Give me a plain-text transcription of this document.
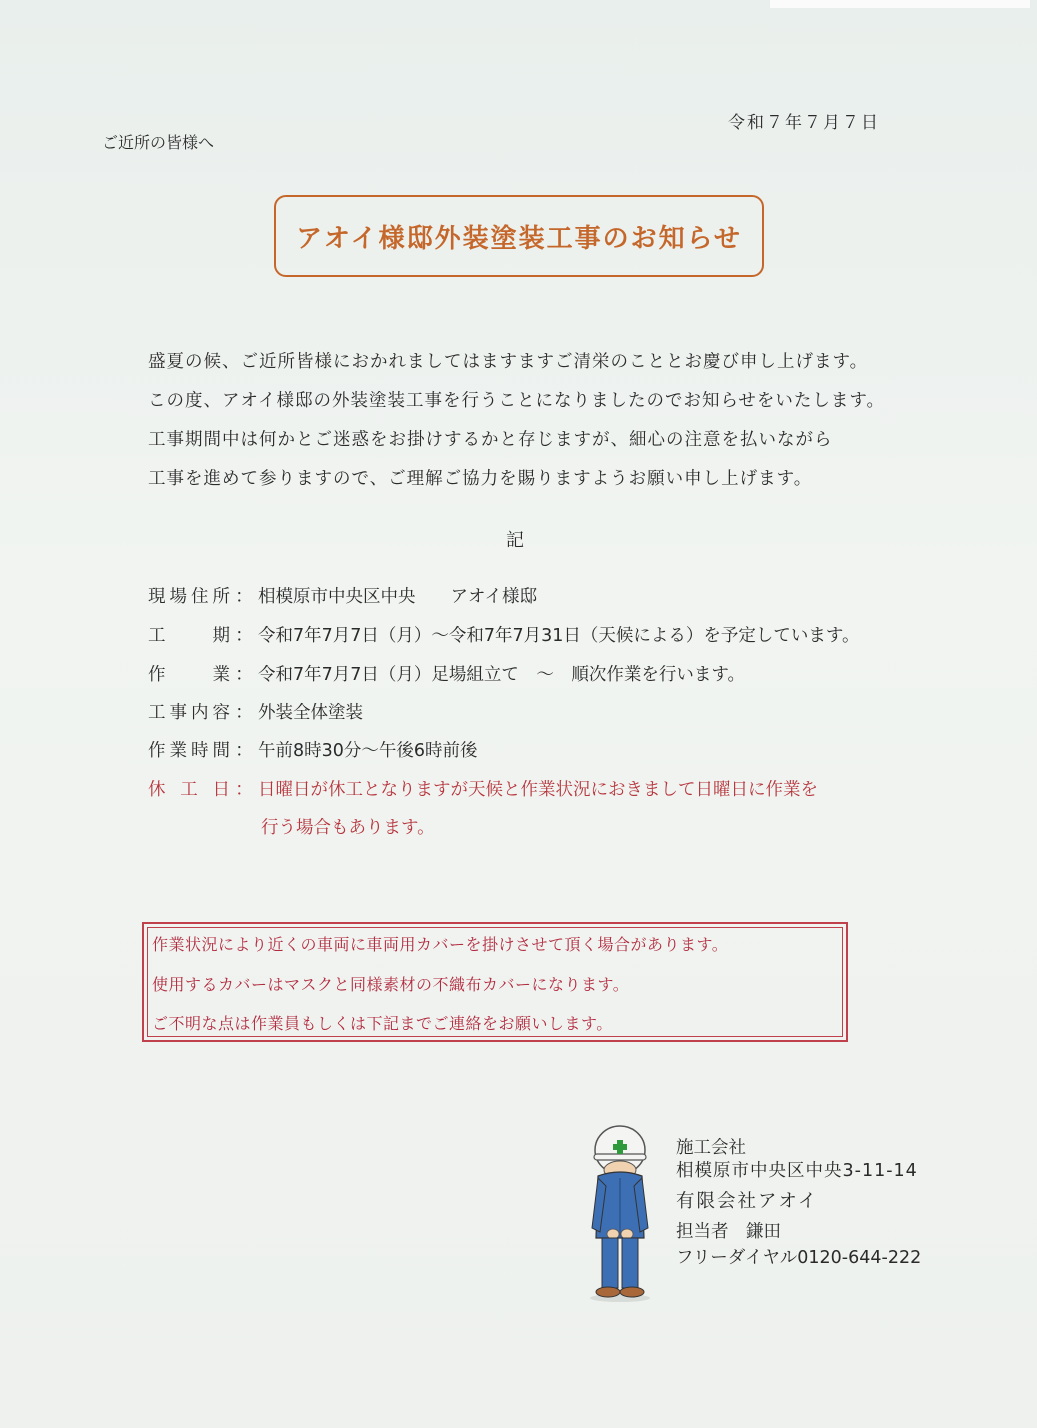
令和７年７月７日
ご近所の皆様へ
アオイ様邸外装塗装工事のお知らせ
盛夏の候、ご近所皆様におかれましてはますますご清栄のこととお慶び申し上げます。
この度、アオイ様邸の外装塗装工事を行うことになりましたのでお知らせをいたします。
工事期間中は何かとご迷惑をお掛けするかと存じますが、細心の注意を払いながら
工事を進めて参りますので、ご理解ご協力を賜りますようお願い申し上げます。
記
現場住所 ： 相模原市中央区中央　　アオイ様邸
工期 ： 令和7年7月7日（月）～令和7年7月31日（天候による）を予定しています。
作業 ： 令和7年7月7日（月）足場組立て　～　順次作業を行います。
工事内容 ： 外装全体塗装
作業時間 ： 午前8時30分～午後6時前後
休工日 ： 日曜日が休工となりますが天候と作業状況におきまして日曜日に作業を
行う場合もあります。
作業状況により近くの車両に車両用カバーを掛けさせて頂く場合があります。
使用するカバーはマスクと同様素材の不織布カバーになります。
ご不明な点は作業員もしくは下記までご連絡をお願いします。
施工会社
相模原市中央区中央3-11-14
有限会社アオイ
担当者　鎌田
フリーダイヤル0120-644-222
